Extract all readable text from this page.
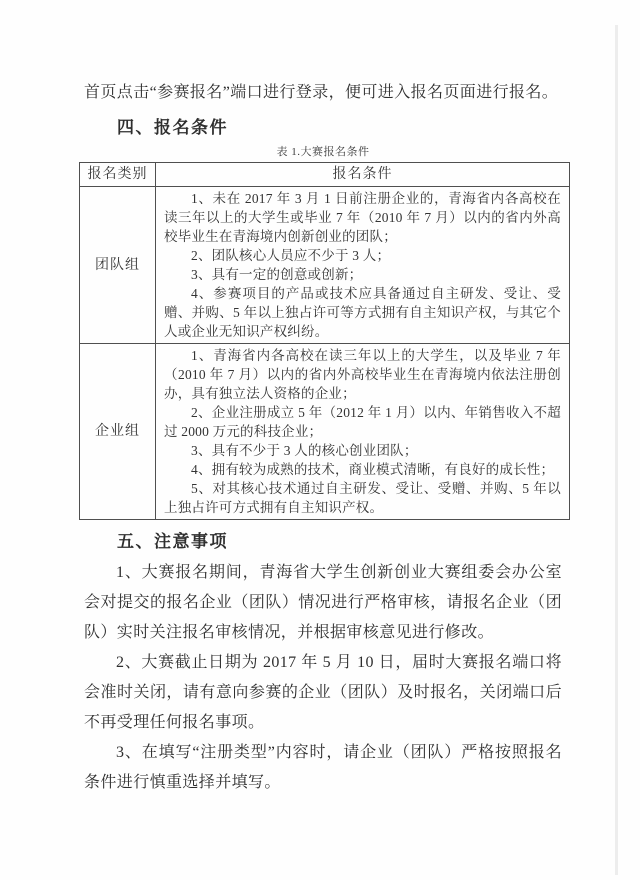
首页点击“参赛报名”端口进行登录，便可进入报名页面进行报名。

四、报名条件

表 1.大赛报名条件

报名类别	报名条件
团队组	1、未在 2017 年 3 月 1 日前注册企业的，青海省内各高校在读三年以上的大学生或毕业 7 年（2010 年 7 月）以内的省内外高校毕业生在青海境内创新创业的团队；

2、团队核心人员应不少于 3 人；

3、具有一定的创意或创新；

4、参赛项目的产品或技术应具备通过自主研发、受让、受赠、并购、5 年以上独占许可等方式拥有自主知识产权，与其它个人或企业无知识产权纠纷。

企业组	1、青海省内各高校在读三年以上的大学生，以及毕业 7 年（2010 年 7 月）以内的省内外高校毕业生在青海境内依法注册创办，具有独立法人资格的企业；

2、企业注册成立 5 年（2012 年 1 月）以内、年销售收入不超过 2000 万元的科技企业；

3、具有不少于 3 人的核心创业团队；

4、拥有较为成熟的技术，商业模式清晰，有良好的成长性；

5、对其核心技术通过自主研发、受让、受赠、并购、5 年以上独占许可方式拥有自主知识产权。

五、注意事项

1、大赛报名期间，青海省大学生创新创业大赛组委会办公室会对提交的报名企业（团队）情况进行严格审核，请报名企业（团队）实时关注报名审核情况，并根据审核意见进行修改。

2、大赛截止日期为 2017 年 5 月 10 日，届时大赛报名端口将会准时关闭，请有意向参赛的企业（团队）及时报名，关闭端口后不再受理任何报名事项。

3、在填写“注册类型”内容时，请企业（团队）严格按照报名条件进行慎重选择并填写。
